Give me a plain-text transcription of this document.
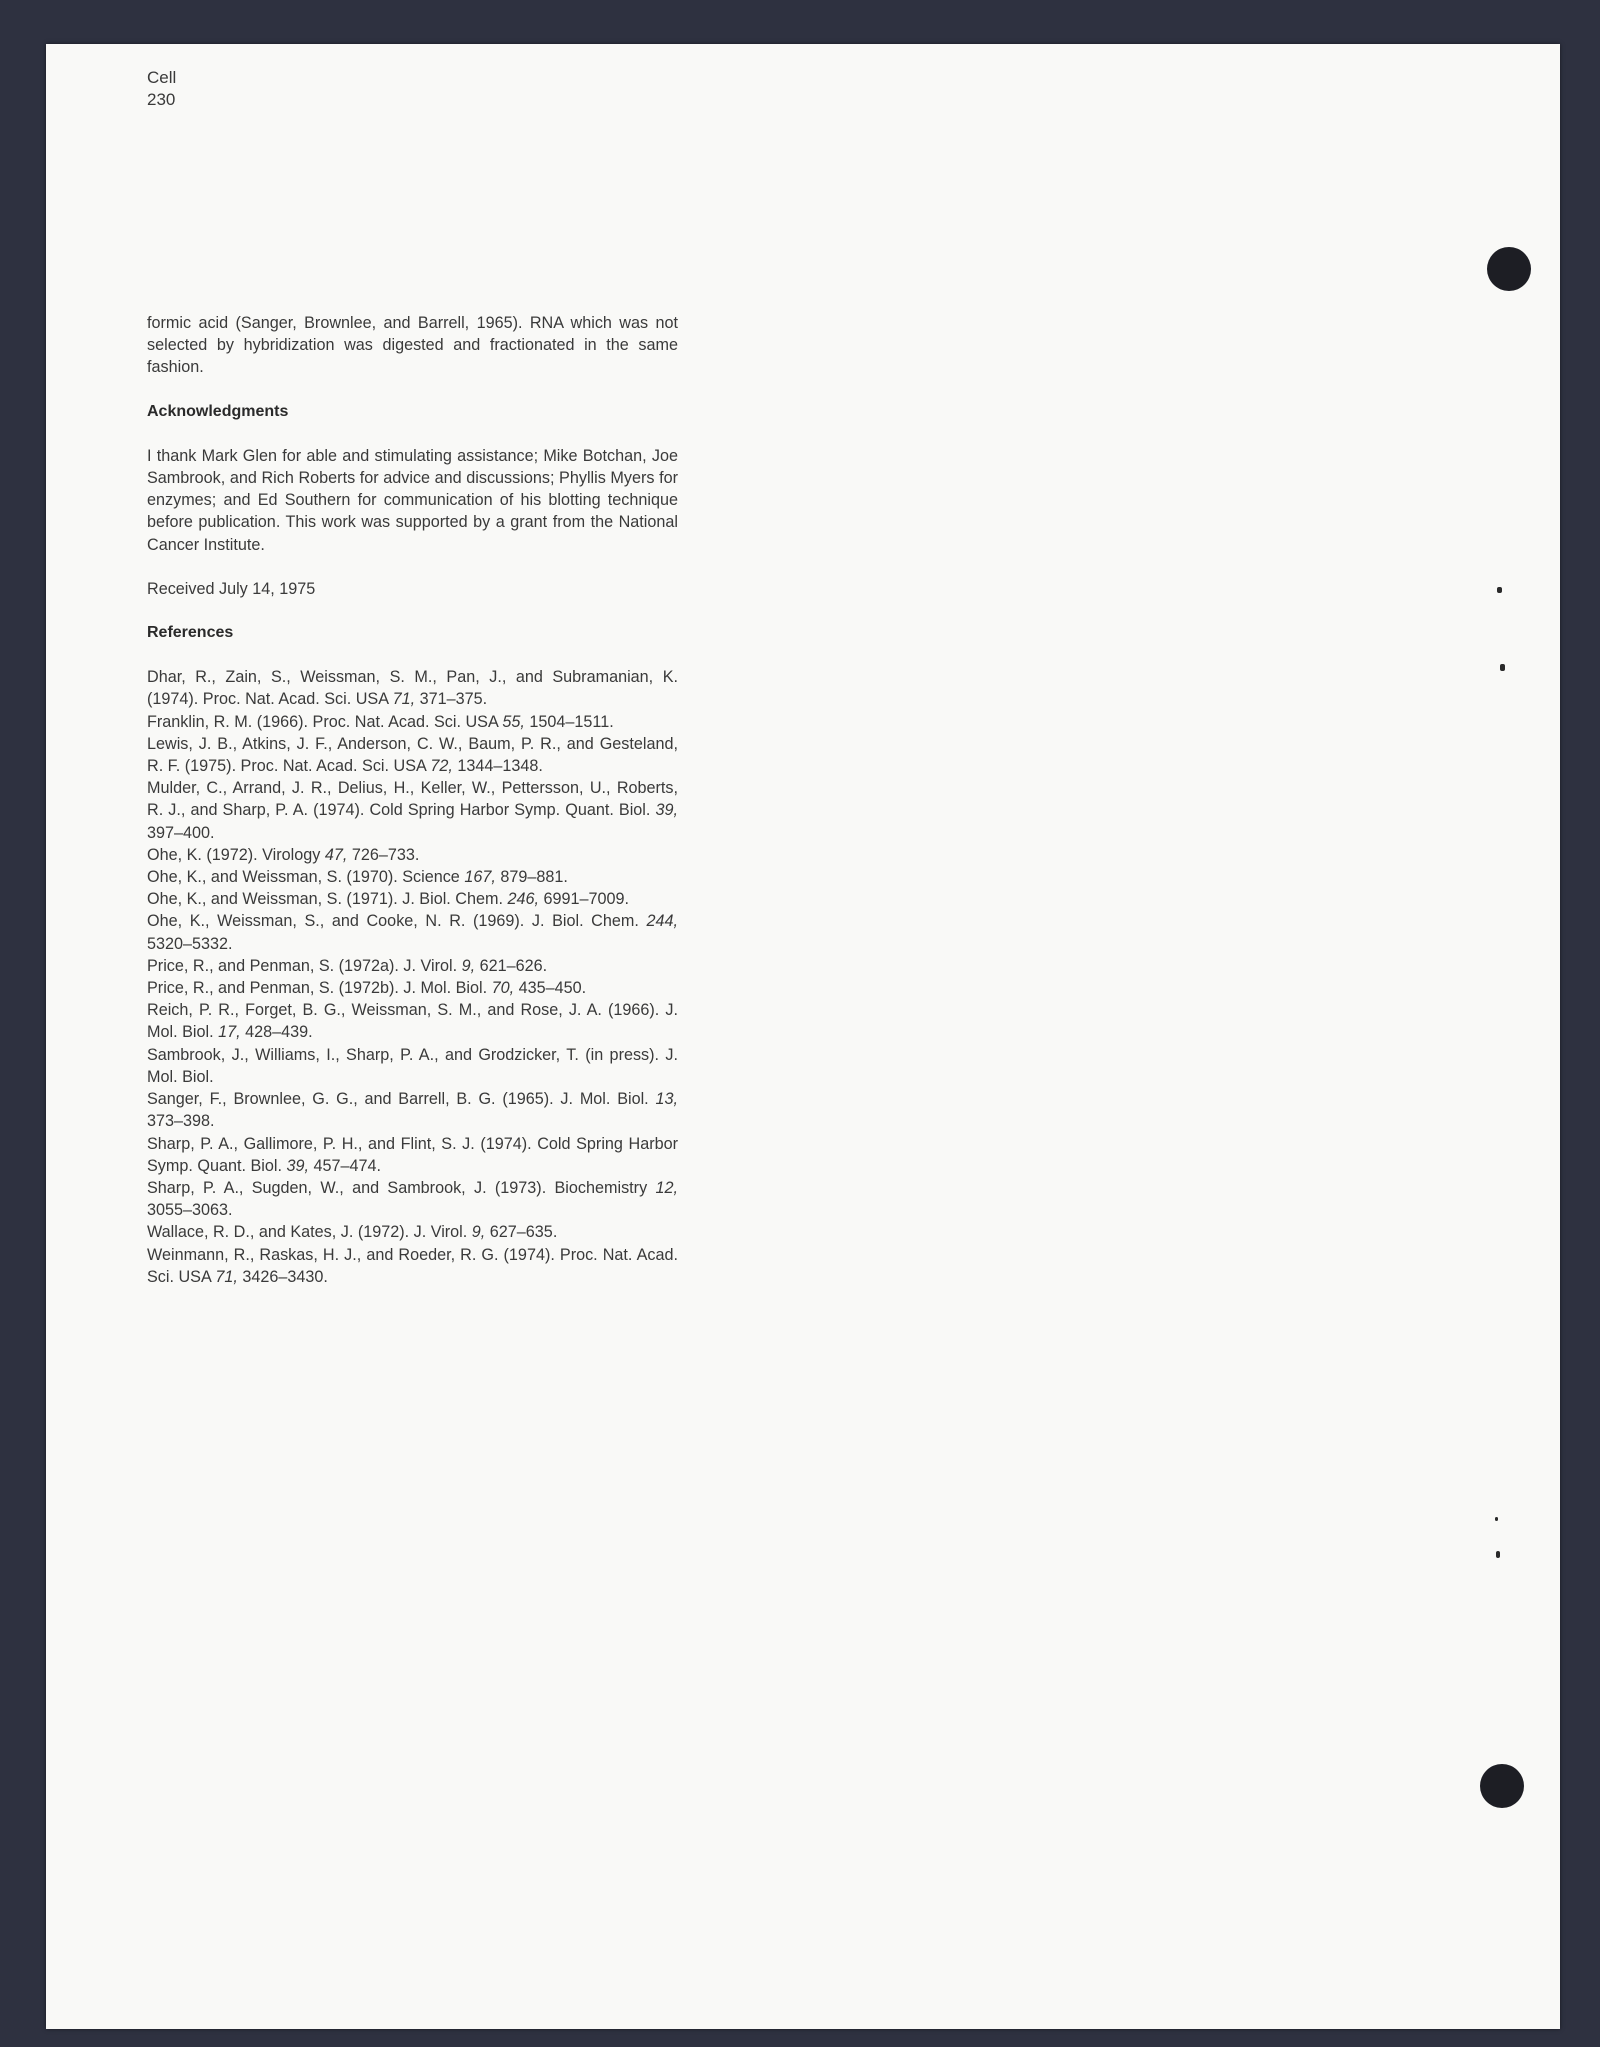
Cell
230

formic acid (Sanger, Brownlee, and Barrell, 1965). RNA which was not selected by hybridization was digested and fractionated in the same fashion.

Acknowledgments

I thank Mark Glen for able and stimulating assistance; Mike Botchan, Joe Sambrook, and Rich Roberts for advice and discussions; Phyllis Myers for enzymes; and Ed Southern for communication of his blotting technique before publication. This work was supported by a grant from the National Cancer Institute.

Received July 14, 1975

References

Dhar, R., Zain, S., Weissman, S. M., Pan, J., and Subramanian, K. (1974). Proc. Nat. Acad. Sci. USA 71, 371–375.

Franklin, R. M. (1966). Proc. Nat. Acad. Sci. USA 55, 1504–1511.

Lewis, J. B., Atkins, J. F., Anderson, C. W., Baum, P. R., and Gesteland, R. F. (1975). Proc. Nat. Acad. Sci. USA 72, 1344–1348.

Mulder, C., Arrand, J. R., Delius, H., Keller, W., Pettersson, U., Roberts, R. J., and Sharp, P. A. (1974). Cold Spring Harbor Symp. Quant. Biol. 39, 397–400.

Ohe, K. (1972). Virology 47, 726–733.

Ohe, K., and Weissman, S. (1970). Science 167, 879–881.

Ohe, K., and Weissman, S. (1971). J. Biol. Chem. 246, 6991–7009.

Ohe, K., Weissman, S., and Cooke, N. R. (1969). J. Biol. Chem. 244, 5320–5332.

Price, R., and Penman, S. (1972a). J. Virol. 9, 621–626.

Price, R., and Penman, S. (1972b). J. Mol. Biol. 70, 435–450.

Reich, P. R., Forget, B. G., Weissman, S. M., and Rose, J. A. (1966). J. Mol. Biol. 17, 428–439.

Sambrook, J., Williams, I., Sharp, P. A., and Grodzicker, T. (in press). J. Mol. Biol.

Sanger, F., Brownlee, G. G., and Barrell, B. G. (1965). J. Mol. Biol. 13, 373–398.

Sharp, P. A., Gallimore, P. H., and Flint, S. J. (1974). Cold Spring Harbor Symp. Quant. Biol. 39, 457–474.

Sharp, P. A., Sugden, W., and Sambrook, J. (1973). Biochemistry 12, 3055–3063.

Wallace, R. D., and Kates, J. (1972). J. Virol. 9, 627–635.

Weinmann, R., Raskas, H. J., and Roeder, R. G. (1974). Proc. Nat. Acad. Sci. USA 71, 3426–3430.
